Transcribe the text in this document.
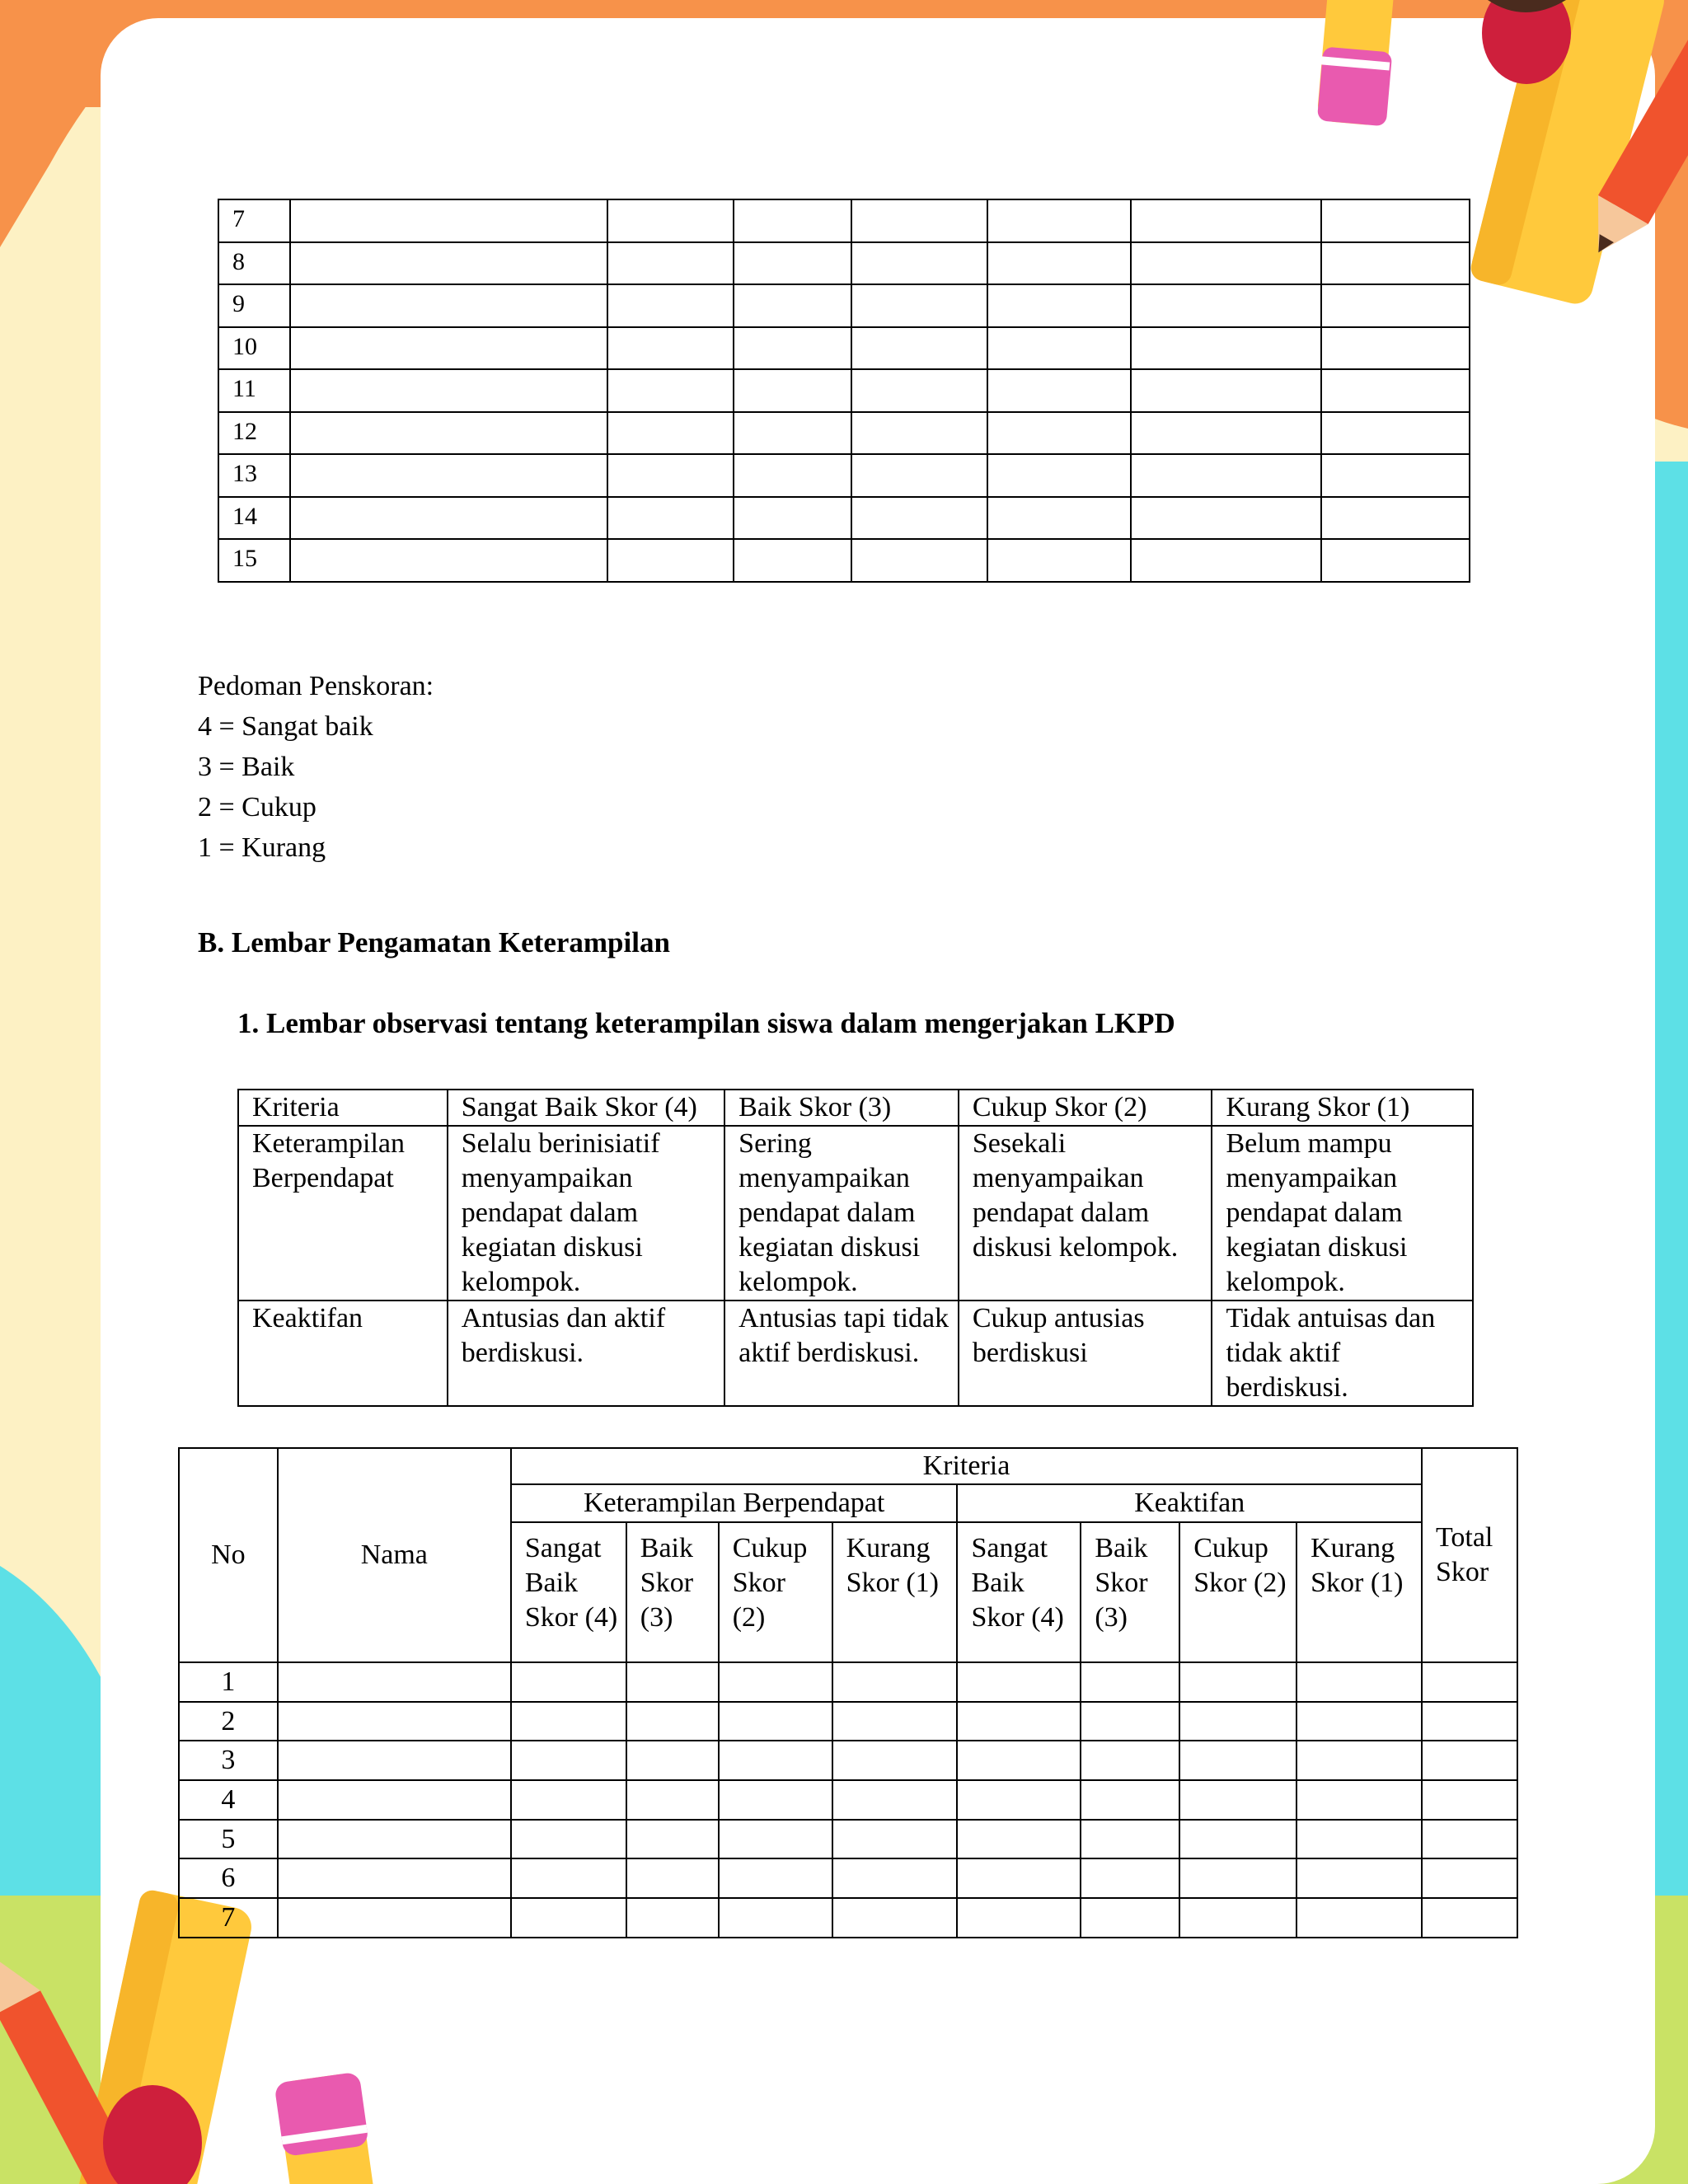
7							
8							
9							
10							
11							
12							
13							
14							
15							
Pedoman Penskoran:
4 = Sangat baik
3 = Baik
2 = Cukup
1 = Kurang
B. Lembar Pengamatan Keterampilan
1. Lembar observasi tentang keterampilan siswa dalam mengerjakan LKPD
Kriteria	Sangat Baik Skor (4)	Baik Skor (3)	Cukup Skor (2)	Kurang Skor (1)
Keterampilan Berpendapat	Selalu berinisiatif menyampaikan pendapat dalam kegiatan diskusi kelompok.	Sering menyampaikan pendapat dalam kegiatan diskusi kelompok.	Sesekali menyampaikan pendapat dalam diskusi kelompok.	Belum mampu menyampaikan pendapat dalam kegiatan diskusi kelompok.
Keaktifan	Antusias dan aktif berdiskusi.	Antusias tapi tidak aktif berdiskusi.	Cukup antusias berdiskusi	Tidak antuisas dan tidak aktif berdiskusi.
No	Nama	Kriteria								Total Skor
		Keterampilan Berpendapat				Keaktifan				
		Sangat Baik Skor (4)	Baik Skor (3)	Cukup Skor (2)	Kurang Skor (1)	Sangat Baik Skor (4)	Baik Skor (3)	Cukup Skor (2)	Kurang Skor (1)	
1										
2										
3										
4										
5										
6										
7										
